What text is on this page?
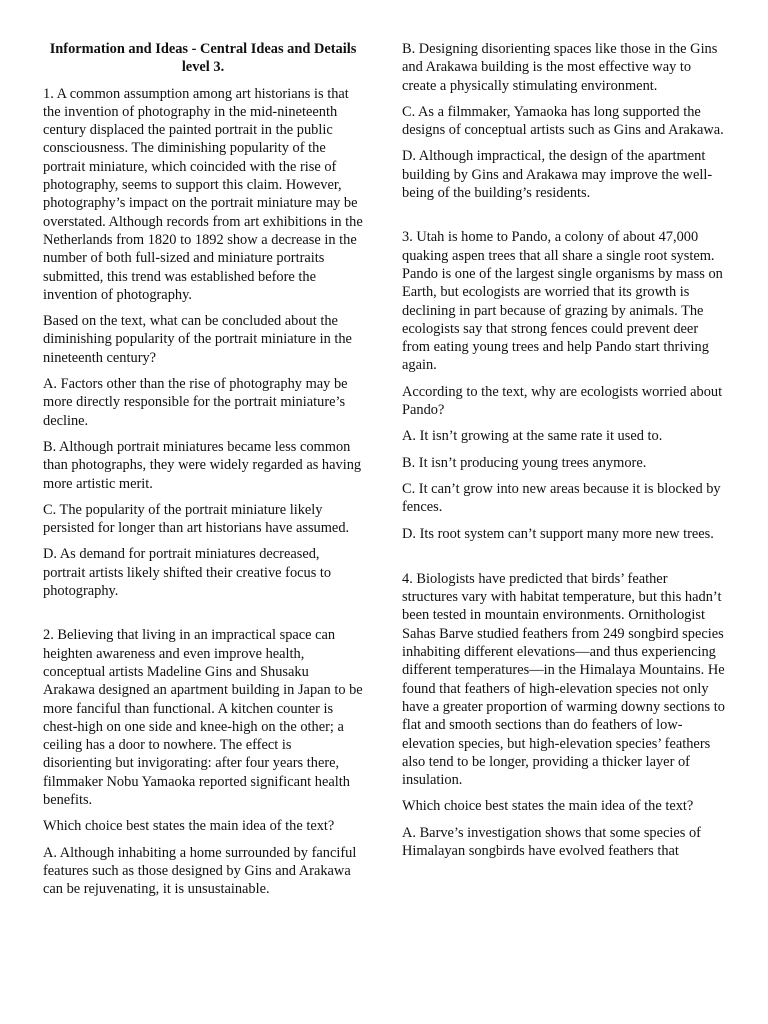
Information and Ideas - Central Ideas and Details level 3.

1. A common assumption among art historians is that the invention of photography in the mid-nineteenth century displaced the painted portrait in the public consciousness. The diminishing popularity of the portrait miniature, which coincided with the rise of photography, seems to support this claim. However, photography’s impact on the portrait miniature may be overstated. Although records from art exhibitions in the Netherlands from 1820 to 1892 show a decrease in the number of both full-sized and miniature portraits submitted, this trend was established before the invention of photography.

Based on the text, what can be concluded about the diminishing popularity of the portrait miniature in the nineteenth century?

A. Factors other than the rise of photography may be more directly responsible for the portrait miniature’s decline.

B. Although portrait miniatures became less common than photographs, they were widely regarded as having more artistic merit.

C. The popularity of the portrait miniature likely persisted for longer than art historians have assumed.

D. As demand for portrait miniatures decreased, portrait artists likely shifted their creative focus to photography.

2. Believing that living in an impractical space can heighten awareness and even improve health, conceptual artists Madeline Gins and Shusaku Arakawa designed an apartment building in Japan to be more fanciful than functional. A kitchen counter is chest-high on one side and knee-high on the other; a ceiling has a door to nowhere. The effect is disorienting but invigorating: after four years there, filmmaker Nobu Yamaoka reported significant health benefits.

Which choice best states the main idea of the text?

A. Although inhabiting a home surrounded by fanciful features such as those designed by Gins and Arakawa can be rejuvenating, it is unsustainable.

B. Designing disorienting spaces like those in the Gins and Arakawa building is the most effective way to create a physically stimulating environment.

C. As a filmmaker, Yamaoka has long supported the designs of conceptual artists such as Gins and Arakawa.

D. Although impractical, the design of the apartment building by Gins and Arakawa may improve the well-being of the building’s residents.

3. Utah is home to Pando, a colony of about 47,000 quaking aspen trees that all share a single root system. Pando is one of the largest single organisms by mass on Earth, but ecologists are worried that its growth is declining in part because of grazing by animals. The ecologists say that strong fences could prevent deer from eating young trees and help Pando start thriving again.

According to the text, why are ecologists worried about Pando?

A. It isn’t growing at the same rate it used to.

B. It isn’t producing young trees anymore.

C. It can’t grow into new areas because it is blocked by fences.

D. Its root system can’t support many more new trees.

4. Biologists have predicted that birds’ feather structures vary with habitat temperature, but this hadn’t been tested in mountain environments. Ornithologist Sahas Barve studied feathers from 249 songbird species inhabiting different elevations—and thus experiencing different temperatures—in the Himalaya Mountains. He found that feathers of high-elevation species not only have a greater proportion of warming downy sections to flat and smooth sections than do feathers of low-elevation species, but high-elevation species’ feathers also tend to be longer, providing a thicker layer of insulation.

Which choice best states the main idea of the text?

A. Barve’s investigation shows that some species of Himalayan songbirds have evolved feathers that
